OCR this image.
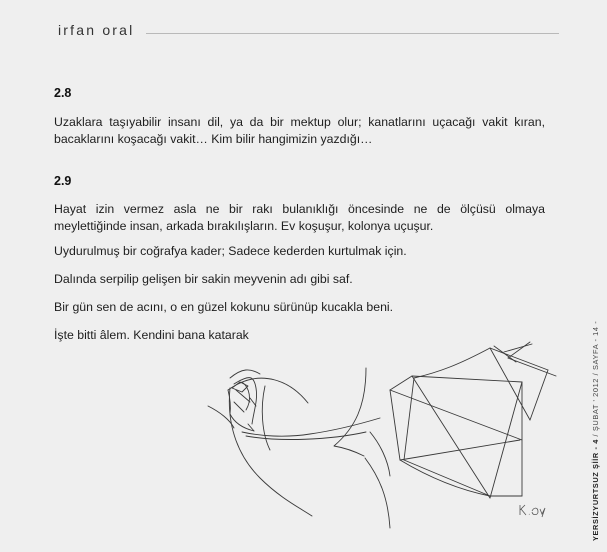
irfan oral
2.8
Uzaklara taşıyabilir insanı dil, ya da bir mektup olur; kanatlarını uçacağı vakit kıran, bacaklarını koşacağı vakit… Kim bilir hangimizin yazdığı…
2.9
Hayat izin vermez asla ne bir rakı bulanıklığı öncesinde ne de ölçüsü olmaya meylettiğinde insan, arkada bırakılışların. Ev koşuşur, kolonya uçuşur.
Uydurulmuş bir coğrafya kader; Sadece kederden kurtulmak için.
Dalında serpilip gelişen bir sakin meyvenin adı gibi saf.
Bir gün sen de acını, o en güzel kokunu sürünüp kucakla beni.
İşte bitti âlem. Kendini bana katarak
YERSİZYURTSUZ ŞİİR - 4 / ŞUBAT ' 2012 / SAYFA - 14 -
